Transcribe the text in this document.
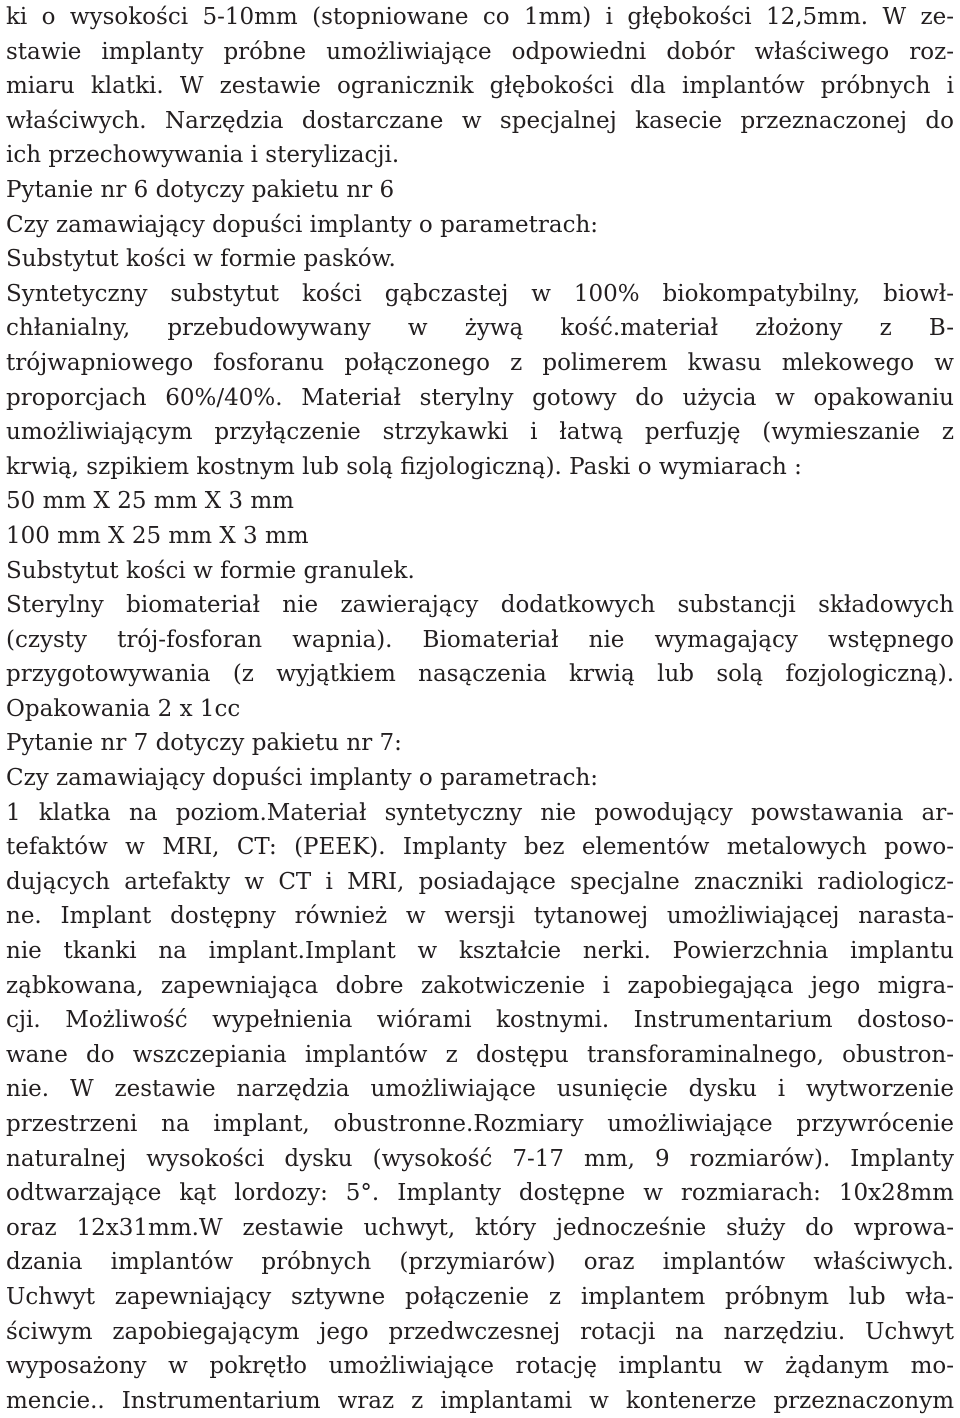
ki o wysokości 5-10mm (stopniowane co 1mm) i głębokości 12,5mm. W ze-
stawie implanty próbne umożliwiające odpowiedni dobór właściwego roz-
miaru klatki. W zestawie ogranicznik głębokości dla implantów próbnych i
właściwych. Narzędzia dostarczane w specjalnej kasecie przeznaczonej do
ich przechowywania i sterylizacji.
Pytanie nr 6 dotyczy pakietu nr 6
Czy zamawiający dopuści implanty o parametrach:
Substytut kości w formie pasków.
Syntetyczny substytut kości gąbczastej w 100% biokompatybilny, biowł-
chłanialny, przebudowywany w żywą kość.materiał złożony z B-
trójwapniowego fosforanu połączonego z polimerem kwasu mlekowego w
proporcjach 60%/40%. Materiał sterylny gotowy do użycia w opakowaniu
umożliwiającym przyłączenie strzykawki i łatwą perfuzję (wymieszanie z
krwią, szpikiem kostnym lub solą fizjologiczną). Paski o wymiarach :
50 mm X 25 mm X 3 mm
100 mm X 25 mm X 3 mm
Substytut kości w formie granulek.
Sterylny biomateriał nie zawierający dodatkowych substancji składowych
(czysty trój-fosforan wapnia). Biomateriał nie wymagający wstępnego
przygotowywania (z wyjątkiem nasączenia krwią lub solą fozjologiczną).
Opakowania 2 x 1cc
Pytanie nr 7 dotyczy pakietu nr 7:
Czy zamawiający dopuści implanty o parametrach:
1 klatka na poziom.Materiał syntetyczny nie powodujący powstawania ar-
tefaktów w MRI, CT: (PEEK). Implanty bez elementów metalowych powo-
dujących artefakty w CT i MRI, posiadające specjalne znaczniki radiologicz-
ne. Implant dostępny również w wersji tytanowej umożliwiającej narasta-
nie tkanki na implant.Implant w kształcie nerki. Powierzchnia implantu
ząbkowana, zapewniająca dobre zakotwiczenie i zapobiegająca jego migra-
cji. Możliwość wypełnienia wiórami kostnymi. Instrumentarium dostoso-
wane do wszczepiania implantów z dostępu transforaminalnego, obustron-
nie. W zestawie narzędzia umożliwiające usunięcie dysku i wytworzenie
przestrzeni na implant, obustronne.Rozmiary umożliwiające przywrócenie
naturalnej wysokości dysku (wysokość 7-17 mm, 9 rozmiarów). Implanty
odtwarzające kąt lordozy: 5°. Implanty dostępne w rozmiarach: 10x28mm
oraz 12x31mm.W zestawie uchwyt, który jednocześnie służy do wprowa-
dzania implantów próbnych (przymiarów) oraz implantów właściwych.
Uchwyt zapewniający sztywne połączenie z implantem próbnym lub wła-
ściwym zapobiegającym jego przedwczesnej rotacji na narzędziu. Uchwyt
wyposażony w pokrętło umożliwiające rotację implantu w żądanym mo-
mencie.. Instrumentarium wraz z implantami w kontenerze przeznaczonym
